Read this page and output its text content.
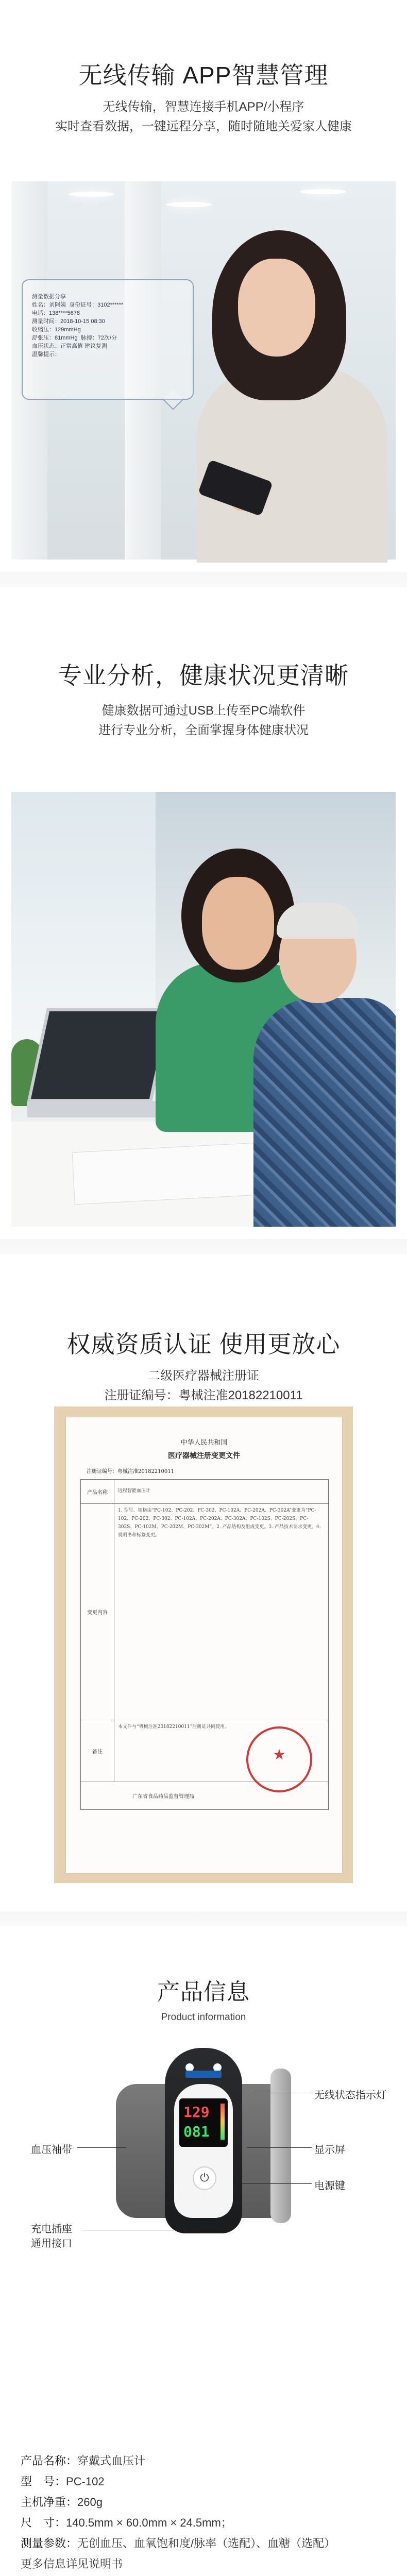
无线传输 APP智慧管理
无线传输，智慧连接手机APP/小程序
实时查看数据，一键远程分享，随时随地关爱家人健康
测量数据分享
姓名：刘阿姨  身份证号：3102******
电话：138****5678
测量时间：2018-10-15 08:30
收缩压：129mmHg
舒张压：81mmHg  脉搏：72次/分
血压状态：正常高值 建议复测
温馨提示：
专业分析，健康状况更清晰
健康数据可通过USB上传至PC端软件
进行专业分析，全面掌握身体健康状况
权威资质认证 使用更放心
二级医疗器械注册证
注册证编号：粤械注准20182210011
中华人民共和国
医疗器械注册变更文件
注册证编号：粤械注准20182210011
产品名称	远程智能血压计
变更内容
1. 型号、规格由“PC-102、PC-202、PC-302、PC-102A、PC-202A、PC-302A”变更为“PC-102、PC-202、PC-302、PC-102A、PC-202A、PC-302A、PC-102S、PC-202S、PC-302S、PC-102M、PC-202M、PC-302M”。2. 产品结构及组成变更。3. 产品技术要求变更。4. 说明书和标签变更。
备注
本文件与“粤械注准20182210011”注册证共同使用。
广东省食品药品监督管理局
★
产品信息
Product information
129
081
⏻
无线状态指示灯
显示屏
电源键
血压袖带
充电插座
通用接口
产品名称：穿戴式血压计
型　号：PC-102
主机净重：260g
尺　寸：140.5mm × 60.0mm × 24.5mm；
测量参数：无创血压、血氧饱和度/脉率（选配）、血糖（选配）
更多信息详见说明书
